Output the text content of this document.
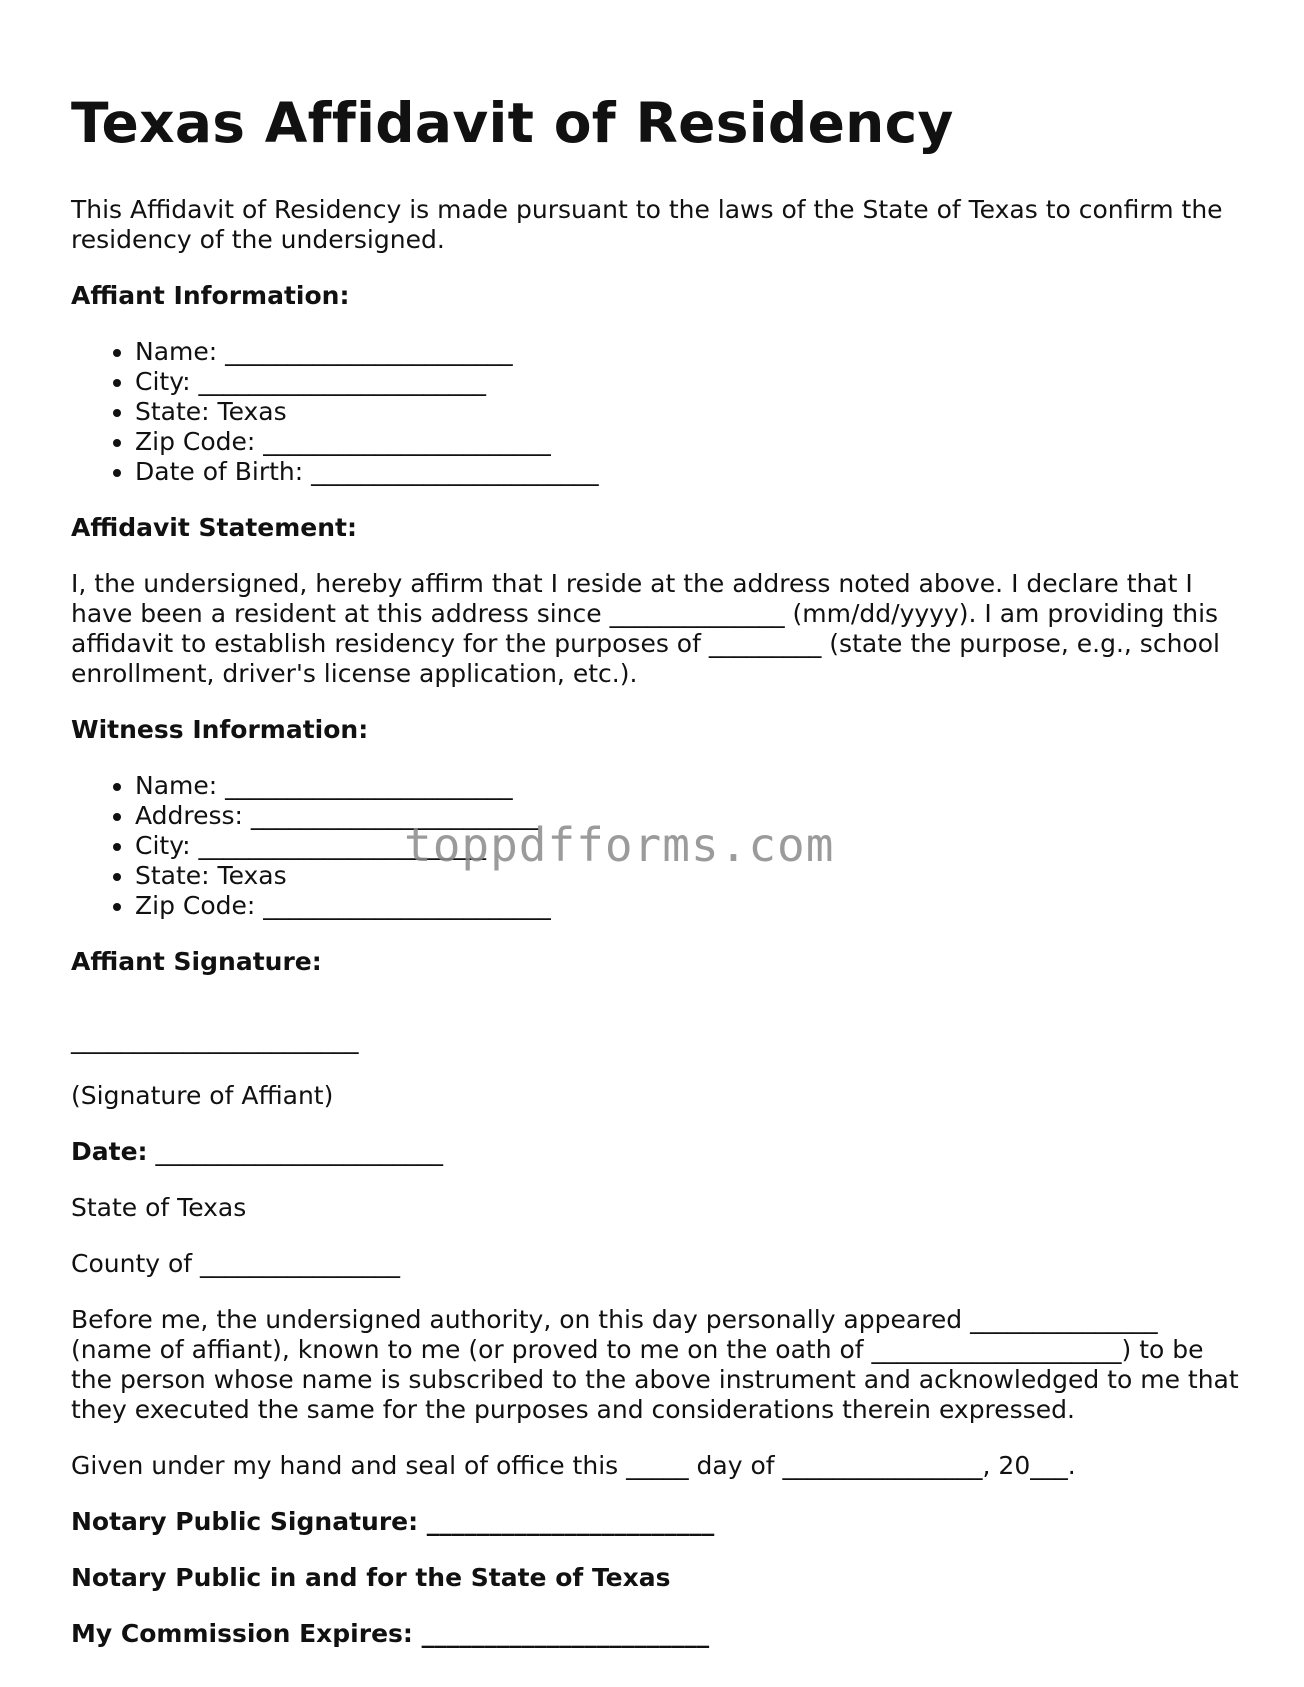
Texas Affidavit of Residency

This Affidavit of Residency is made pursuant to the laws of the State of Texas to confirm the residency of the undersigned.

Affiant Information:

• Name: _______________________
• City: _______________________
• State: Texas
• Zip Code: _______________________
• Date of Birth: _______________________

Affidavit Statement:

I, the undersigned, hereby affirm that I reside at the address noted above. I declare that I have been a resident at this address since ______________ (mm/dd/yyyy). I am providing this affidavit to establish residency for the purposes of _________ (state the purpose, e.g., school enrollment, driver's license application, etc.).

Witness Information:

• Name: _______________________
• Address: _______________________
• City: _______________________
• State: Texas
• Zip Code: _______________________

Affiant Signature:

_______________________

(Signature of Affiant)

Date: _______________________

State of Texas

County of ________________

Before me, the undersigned authority, on this day personally appeared _______________ (name of affiant), known to me (or proved to me on the oath of ____________________) to be the person whose name is subscribed to the above instrument and acknowledged to me that they executed the same for the purposes and considerations therein expressed.

Given under my hand and seal of office this _____ day of ________________, 20___.

Notary Public Signature: _______________________

Notary Public in and for the State of Texas

My Commission Expires: _______________________

toppdfforms.com
